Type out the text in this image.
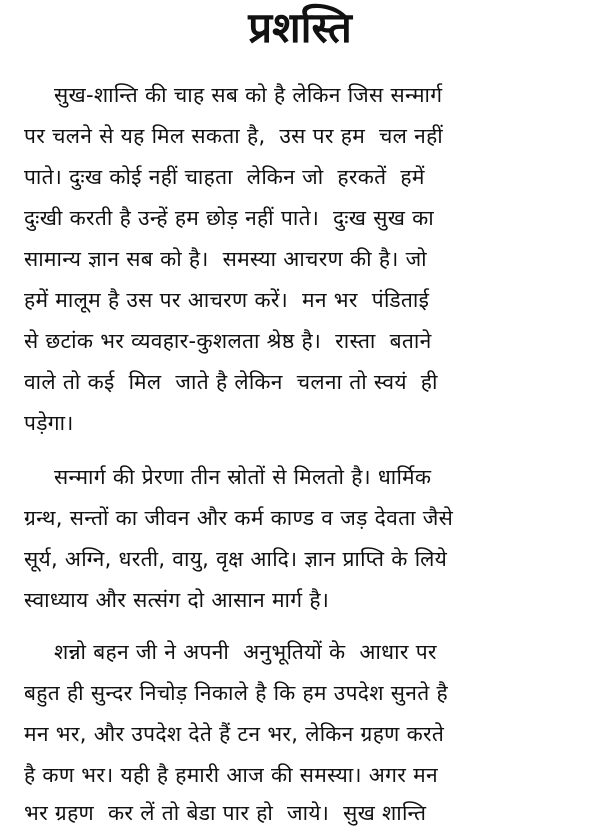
प्रशस्ति
सुख-शान्ति की चाह सब को है लेकिन जिस सन्मार्ग
पर चलने से यह मिल सकता है,  उस पर हम  चल नहीं
पाते। दुःख कोई नहीं चाहता  लेकिन जो  हरकतें  हमें
दुःखी करती है उन्हें हम छोड़ नहीं पाते।  दुःख सुख का
सामान्य ज्ञान सब को है।  समस्या आचरण की है। जो
हमें मालूम है उस पर आचरण करें।  मन भर  पंडिताई
से छटांक भर व्यवहार-कुशलता श्रेष्ठ है।  रास्ता  बताने
वाले तो कई  मिल  जाते है लेकिन  चलना तो स्वयं  ही
पड़ेगा।
सन्मार्ग की प्रेरणा तीन स्रोतों से मिलतो है। धार्मिक
ग्रन्थ, सन्तों का जीवन और कर्म काण्ड व जड़ देवता जैसे
सूर्य, अग्नि, धरती, वायु, वृक्ष आदि। ज्ञान प्राप्ति के लिये
स्वाध्याय और सत्संग दो आसान मार्ग है।
शन्नो बहन जी ने अपनी  अनुभूतियों के  आधार पर
बहुत ही सुन्दर निचोड़ निकाले है कि हम उपदेश सुनते है
मन भर, और उपदेश देते हैं टन भर, लेकिन ग्रहण करते
है कण भर। यही है हमारी आज की समस्या। अगर मन
भर ग्रहण  कर लें तो बेडा पार हो  जाये।  सुख शान्ति
